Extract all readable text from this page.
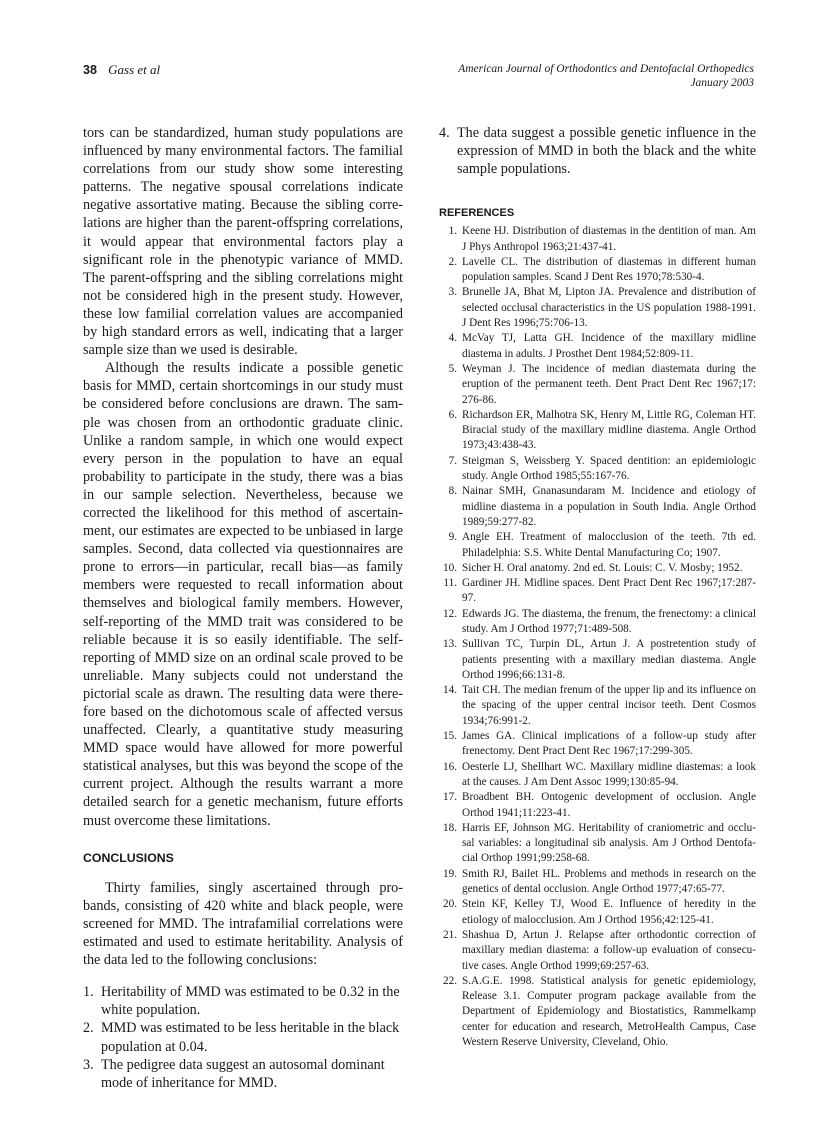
38 Gass et al	American Journal of Orthodontics and Dentofacial Orthopedics
January 2003

tors can be standardized, human study populations are influenced by many environmental factors. The familial correlations from our study show some interesting patterns. The negative spousal correlations indicate negative assortative mating. Because the sibling corre-lations are higher than the parent-offspring correlations, it would appear that environmental factors play a significant role in the phenotypic variance of MMD. The parent-offspring and the sibling correlations might not be considered high in the present study. However, these low familial correlation values are accompanied by high standard errors as well, indicating that a larger sample size than we used is desirable.

Although the results indicate a possible genetic basis for MMD, certain shortcomings in our study must be considered before conclusions are drawn. The sam-ple was chosen from an orthodontic graduate clinic. Unlike a random sample, in which one would expect every person in the population to have an equal probability to participate in the study, there was a bias in our sample selection. Nevertheless, because we corrected the likelihood for this method of ascertain-ment, our estimates are expected to be unbiased in large samples. Second, data collected via questionnaires are prone to errors—in particular, recall bias—as family members were requested to recall information about themselves and biological family members. However, self-reporting of the MMD trait was considered to be reliable because it is so easily identifiable. The self-reporting of MMD size on an ordinal scale proved to be unreliable. Many subjects could not understand the pictorial scale as drawn. The resulting data were there-fore based on the dichotomous scale of affected versus unaffected. Clearly, a quantitative study measuring MMD space would have allowed for more powerful statistical analyses, but this was beyond the scope of the current project. Although the results warrant a more detailed search for a genetic mechanism, future efforts must overcome these limitations.

CONCLUSIONS

Thirty families, singly ascertained through pro-bands, consisting of 420 white and black people, were screened for MMD. The intrafamilial correlations were estimated and used to estimate heritability. Analysis of the data led to the following conclusions:

1. Heritability of MMD was estimated to be 0.32 in the white population.
2. MMD was estimated to be less heritable in the black population at 0.04.
3. The pedigree data suggest an autosomal dominant mode of inheritance for MMD.
4. The data suggest a possible genetic influence in the expression of MMD in both the black and the white sample populations.
REFERENCES
1. Keene HJ. Distribution of diastemas in the dentition of man. Am J Phys Anthropol 1963;21:437-41.
2. Lavelle CL. The distribution of diastemas in different human population samples. Scand J Dent Res 1970;78:530-4.
3. Brunelle JA, Bhat M, Lipton JA. Prevalence and distribution of selected occlusal characteristics in the US population 1988-1991. J Dent Res 1996;75:706-13.
4. McVay TJ, Latta GH. Incidence of the maxillary midline diastema in adults. J Prosthet Dent 1984;52:809-11.
5. Weyman J. The incidence of median diastemata during the eruption of the permanent teeth. Dent Pract Dent Rec 1967;17: 276-86.
6. Richardson ER, Malhotra SK, Henry M, Little RG, Coleman HT. Biracial study of the maxillary midline diastema. Angle Orthod 1973;43:438-43.
7. Steigman S, Weissberg Y. Spaced dentition: an epidemiologic study. Angle Orthod 1985;55:167-76.
8. Nainar SMH, Gnanasundaram M. Incidence and etiology of midline diastema in a population in South India. Angle Orthod 1989;59:277-82.
9. Angle EH. Treatment of malocclusion of the teeth. 7th ed. Philadelphia: S.S. White Dental Manufacturing Co; 1907.
10. Sicher H. Oral anatomy. 2nd ed. St. Louis: C. V. Mosby; 1952.
11. Gardiner JH. Midline spaces. Dent Pract Dent Rec 1967;17:287-97.
12. Edwards JG. The diastema, the frenum, the frenectomy: a clinical study. Am J Orthod 1977;71:489-508.
13. Sullivan TC, Turpin DL, Artun J. A postretention study of patients presenting with a maxillary median diastema. Angle Orthod 1996;66:131-8.
14. Tait CH. The median frenum of the upper lip and its influence on the spacing of the upper central incisor teeth. Dent Cosmos 1934;76:991-2.
15. James GA. Clinical implications of a follow-up study after frenectomy. Dent Pract Dent Rec 1967;17:299-305.
16. Oesterle LJ, Shellhart WC. Maxillary midline diastemas: a look at the causes. J Am Dent Assoc 1999;130:85-94.
17. Broadbent BH. Ontogenic development of occlusion. Angle Orthod 1941;11:223-41.
18. Harris EF, Johnson MG. Heritability of craniometric and occlu-sal variables: a longitudinal sib analysis. Am J Orthod Dentofa-cial Orthop 1991;99:258-68.
19. Smith RJ, Bailet HL. Problems and methods in research on the genetics of dental occlusion. Angle Orthod 1977;47:65-77.
20. Stein KF, Kelley TJ, Wood E. Influence of heredity in the etiology of malocclusion. Am J Orthod 1956;42:125-41.
21. Shashua D, Artun J. Relapse after orthodontic correction of maxillary median diastema: a follow-up evaluation of consecu-tive cases. Angle Orthod 1999;69:257-63.
22. S.A.G.E. 1998. Statistical analysis for genetic epidemiology, Release 3.1. Computer program package available from the Department of Epidemiology and Biostatistics, Rammelkamp center for education and research, MetroHealth Campus, Case Western Reserve University, Cleveland, Ohio.
